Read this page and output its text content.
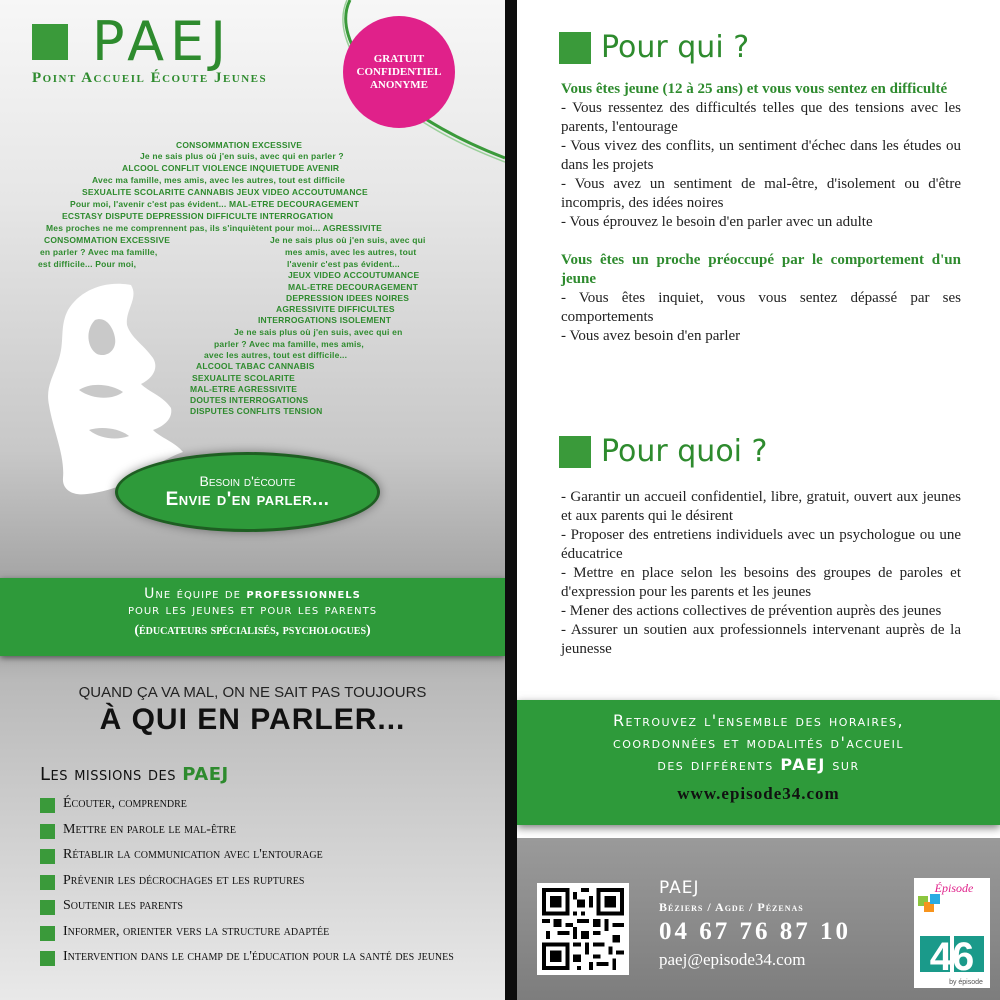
PAEJ
Point Accueil Écoute Jeunes
GRATUIT
CONFIDENTIEL
ANONYME
CONSOMMATION EXCESSIVE
Je ne sais plus où j'en suis, avec qui en parler ?
ALCOOL CONFLIT VIOLENCE INQUIETUDE AVENIR
Avec ma famille, mes amis, avec les autres, tout est difficile
SEXUALITE SCOLARITE CANNABIS JEUX VIDEO ACCOUTUMANCE
Pour moi, l'avenir c'est pas évident... MAL-ETRE DECOURAGEMENT
ECSTASY DISPUTE DEPRESSION DIFFICULTE INTERROGATION
Mes proches ne me comprennent pas, ils s'inquiètent pour moi... AGRESSIVITE
CONSOMMATION EXCESSIVE	Je ne sais plus où j'en suis, avec qui
en parler ? Avec ma famille,	mes amis, avec les autres, tout
est difficile... Pour moi,	l'avenir c'est pas évident...
JEUX VIDEO ACCOUTUMANCE
MAL-ETRE DECOURAGEMENT
DEPRESSION IDEES NOIRES
AGRESSIVITE DIFFICULTES
INTERROGATIONS ISOLEMENT
Je ne sais plus où j'en suis, avec qui en
parler ? Avec ma famille, mes amis,
avec les autres, tout est difficile...
ALCOOL TABAC CANNABIS
SEXUALITE SCOLARITE
MAL-ETRE AGRESSIVITE
DOUTES INTERROGATIONS
DISPUTES CONFLITS TENSION
Besoin d'écoute
Envie d'en parler...
Une équipe de professionnels
pour les jeunes et pour les parents
(éducateurs spécialisés, psychologues)
QUAND ÇA VA MAL, ON NE SAIT PAS TOUJOURS
À QUI EN PARLER...
Les missions des PAEJ
Écouter, comprendre
Mettre en parole le mal-être
Rétablir la communication avec l'entourage
Prévenir les décrochages et les ruptures
Soutenir les parents
Informer, orienter vers la structure adaptée
Intervention dans le champ de l'éducation pour la santé des jeunes
Pour qui ?
Vous êtes jeune (12 à 25 ans) et vous vous sentez en difficulté
- Vous ressentez des difficultés telles que des tensions avec les parents, l'entourage
- Vous vivez des conflits, un sentiment d'échec dans les études ou dans les projets
- Vous avez un sentiment de mal-être, d'isolement ou d'être incompris, des idées noires
- Vous éprouvez le besoin d'en parler avec un adulte
Vous êtes un proche préoccupé par le comportement d'un jeune
- Vous êtes inquiet, vous vous sentez dépassé par ses comportements
- Vous avez besoin d'en parler
Pour quoi ?
- Garantir un accueil confidentiel, libre, gratuit, ouvert aux jeunes et aux parents qui le désirent
- Proposer des entretiens individuels avec un psychologue ou une éducatrice
- Mettre en place selon les besoins des groupes de paroles et d'expression pour les parents et les jeunes
- Mener des actions collectives de prévention auprès des jeunes
- Assurer un soutien aux professionnels intervenant auprès de la jeunesse
Retrouvez l'ensemble des horaires,
coordonnées et modalités d'accueil
des différents PAEJ sur
www.episode34.com
PAEJ
Béziers / Agde / Pézenas
04 67 76 87 10
paej@episode34.com
Épisode
46
by épisode
